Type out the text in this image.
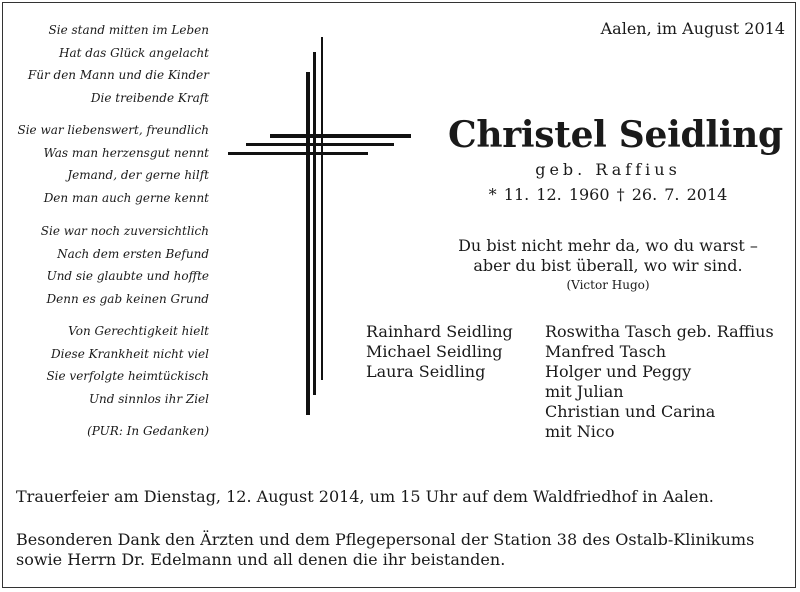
Sie stand mitten im Leben
Hat das Glück angelacht
Für den Mann und die Kinder
Die treibende Kraft
Sie war liebenswert, freundlich
Was man herzensgut nennt
Jemand, der gerne hilft
Den man auch gerne kennt
Sie war noch zuversichtlich
Nach dem ersten Befund
Und sie glaubte und hoffte
Denn es gab keinen Grund
Von Gerechtigkeit hielt
Diese Krankheit nicht viel
Sie verfolgte heimtückisch
Und sinnlos ihr Ziel
(PUR: In Gedanken)
Aalen, im August 2014
Christel Seidling
geb. Raffius
* 11. 12. 1960 † 26. 7. 2014
Du bist nicht mehr da, wo du warst –
aber du bist überall, wo wir sind.
(Victor Hugo)
Rainhard Seidling
Michael Seidling
Laura Seidling
Roswitha Tasch geb. Raffius
Manfred Tasch
Holger und Peggy
mit Julian
Christian und Carina
mit Nico
Trauerfeier am Dienstag, 12. August 2014, um 15 Uhr auf dem Waldfriedhof in Aalen.
Besonderen Dank den Ärzten und dem Pflegepersonal der Station 38 des Ostalb-Klinikums
sowie Herrn Dr. Edelmann und all denen die ihr beistanden.
